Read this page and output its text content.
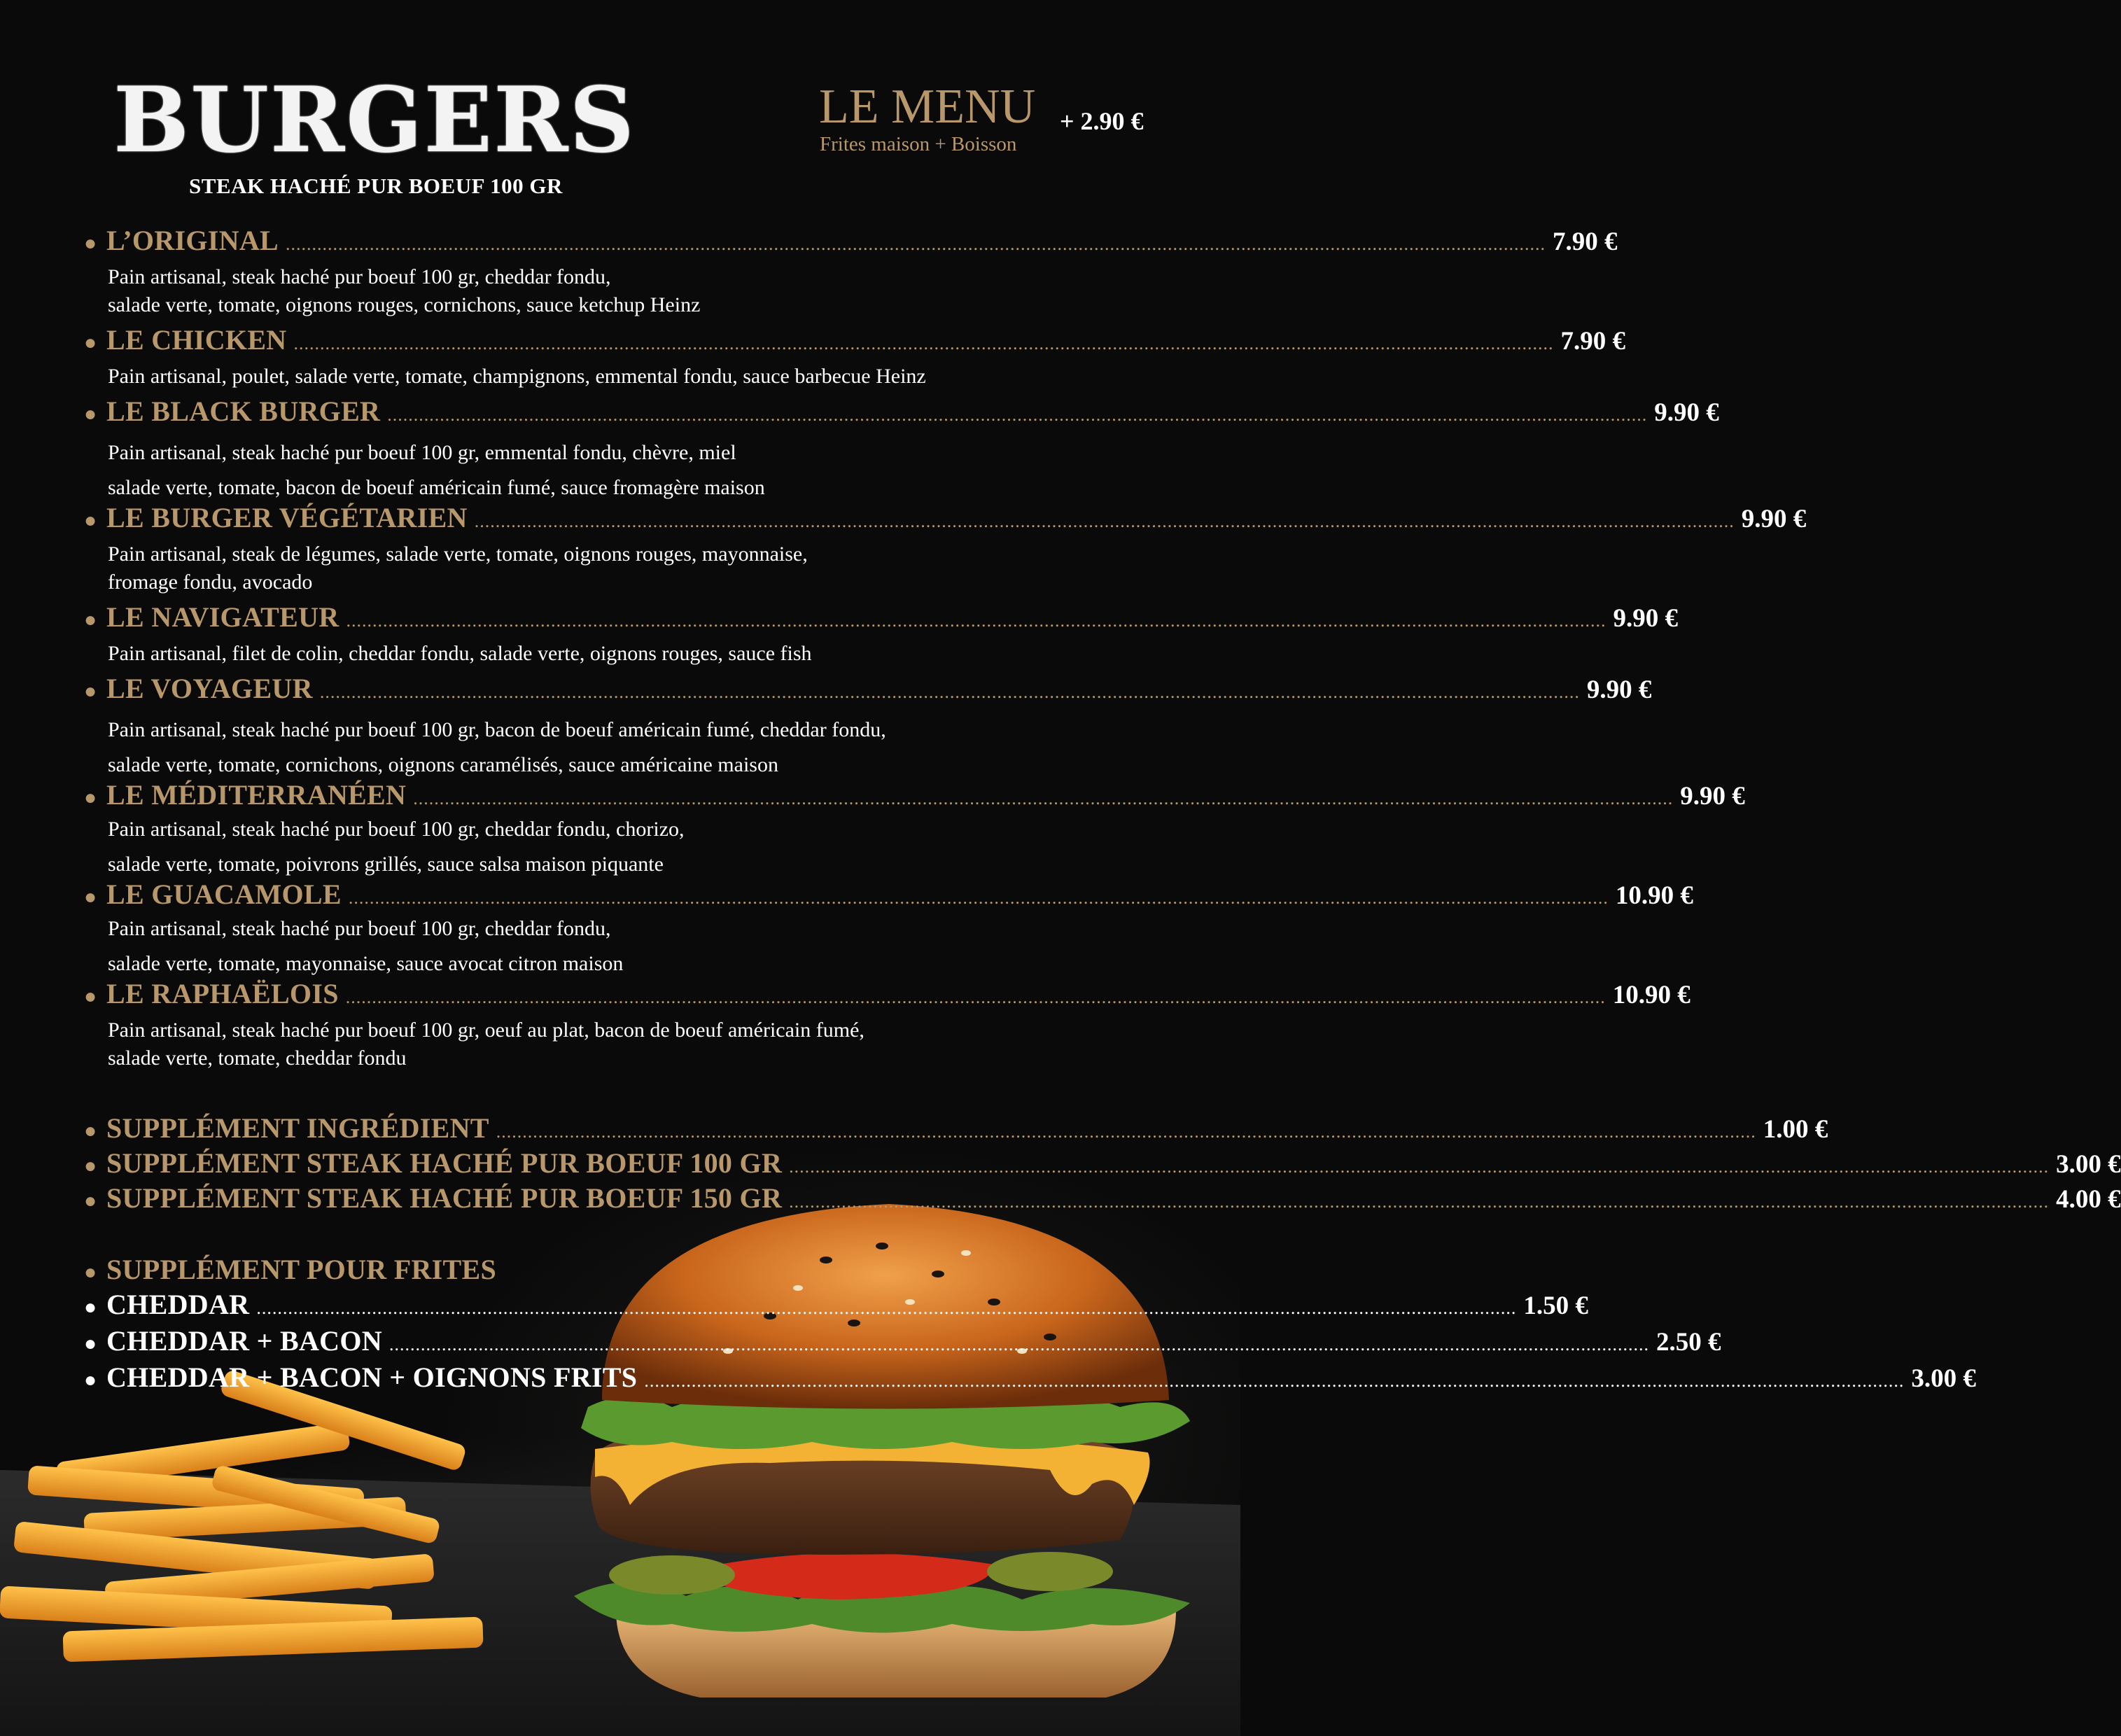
BURGERS
STEAK HACHÉ PUR BOEUF 100 GR
LE MENU
Frites maison + Boisson
+ 2.90 €
● L’ORIGINAL ................................................................................................................................................................................................................................................ 7.90 €
Pain artisanal, steak haché pur boeuf 100 gr, cheddar fondu,
salade verte, tomate, oignons rouges, cornichons, sauce ketchup Heinz
● LE CHICKEN ................................................................................................................................................................................................................................................ 7.90 €
Pain artisanal, poulet, salade verte, tomate, champignons, emmental fondu, sauce barbecue Heinz
● LE BLACK BURGER ................................................................................................................................................................................................................................................ 9.90 €
Pain artisanal, steak haché pur boeuf 100 gr, emmental fondu, chèvre, miel
salade verte, tomate, bacon de boeuf américain fumé, sauce fromagère maison
● LE BURGER VÉGÉTARIEN ................................................................................................................................................................................................................................................ 9.90 €
Pain artisanal, steak de légumes, salade verte, tomate, oignons rouges, mayonnaise,
fromage fondu, avocado
● LE NAVIGATEUR ................................................................................................................................................................................................................................................ 9.90 €
Pain artisanal, filet de colin, cheddar fondu, salade verte, oignons rouges, sauce fish
● LE VOYAGEUR ................................................................................................................................................................................................................................................ 9.90 €
Pain artisanal, steak haché pur boeuf 100 gr, bacon de boeuf américain fumé, cheddar fondu,
salade verte, tomate, cornichons, oignons caramélisés, sauce américaine maison
● LE MÉDITERRANÉEN ................................................................................................................................................................................................................................................ 9.90 €
Pain artisanal, steak haché pur boeuf 100 gr, cheddar fondu, chorizo,
salade verte, tomate, poivrons grillés, sauce salsa maison piquante
● LE GUACAMOLE ................................................................................................................................................................................................................................................ 10.90 €
Pain artisanal, steak haché pur boeuf 100 gr, cheddar fondu,
salade verte, tomate, mayonnaise, sauce avocat citron maison
● LE RAPHAËLOIS ................................................................................................................................................................................................................................................ 10.90 €
Pain artisanal, steak haché pur boeuf 100 gr, oeuf au plat, bacon de boeuf américain fumé,
salade verte, tomate, cheddar fondu
● SUPPLÉMENT INGRÉDIENT ................................................................................................................................................................................................................................................ 1.00 €
● SUPPLÉMENT STEAK HACHÉ PUR BOEUF 100 GR ................................................................................................................................................................................................................................................ 3.00 €
● SUPPLÉMENT STEAK HACHÉ PUR BOEUF 150 GR ................................................................................................................................................................................................................................................ 4.00 €
● SUPPLÉMENT POUR FRITES
● CHEDDAR ................................................................................................................................................................................................................................................ 1.50 €
● CHEDDAR + BACON ................................................................................................................................................................................................................................................ 2.50 €
● CHEDDAR + BACON + OIGNONS FRITS ................................................................................................................................................................................................................................................ 3.00 €
